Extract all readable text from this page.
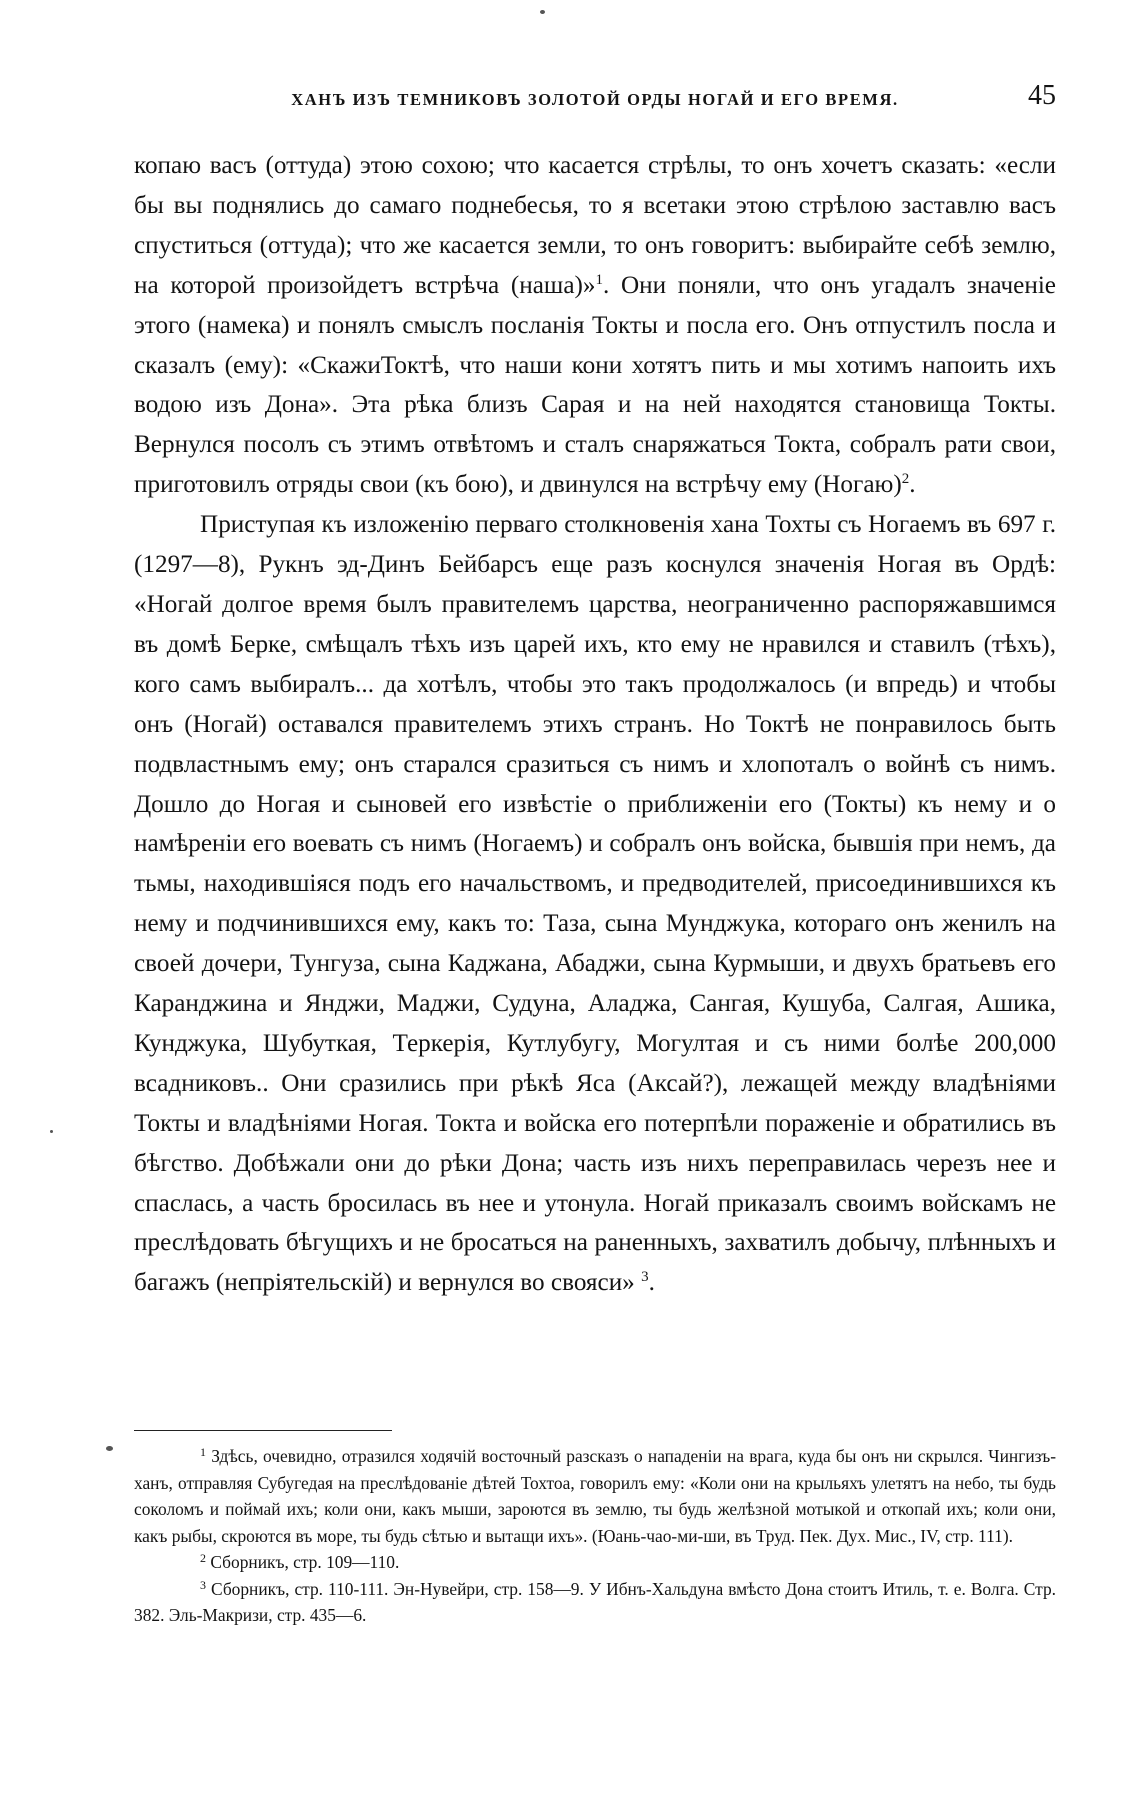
ХАНЪ ИЗЪ ТЕМНИКОВЪ ЗОЛОТОЙ ОРДЫ НОГАЙ И ЕГО ВРЕМЯ.	45

копаю васъ (оттуда) этою сохою; что касается стрѣлы, то онъ хочетъ сказать: «если бы вы поднялись до самаго поднебесья, то я всетаки этою стрѣлою заставлю васъ спуститься (оттуда); что же касается земли, то онъ говоритъ: выбирайте себѣ землю, на которой произойдетъ встрѣча (наша)»$^1$. Они поняли, что онъ угадалъ значеніе этого (намека) и понялъ смыслъ посланія Токты и посла его. Онъ отпустилъ посла и сказалъ (ему): «СкажиToктѣ, что наши кони хотятъ пить и мы хотимъ напоить ихъ водою изъ Дона». Эта рѣка близъ Сарая и на ней находятся становища Токты. Вернулся посолъ съ этимъ отвѣтомъ и сталъ снаряжаться Токта, собралъ рати свои, приготовилъ отряды свои (къ бою), и двинулся на встрѣчу ему (Ногаю)$^2$.

Приступая къ изложенію перваго столкновенія хана Тохты съ Ногаемъ въ 697 г. (1297—8), Рукнъ эд-Динъ Бейбарсъ еще разъ коснулся значенія Ногая въ Ордѣ: «Ногай долгое время былъ правителемъ царства, неограниченно распоряжавшимся въ домѣ Берке, смѣщалъ тѣхъ изъ царей ихъ, кто ему не нравился и ставилъ (тѣхъ), кого самъ выбиралъ... да хотѣлъ, чтобы это такъ продолжалось (и впредь) и чтобы онъ (Ногай) оставался правителемъ этихъ странъ. Но Toктѣ не понравилось быть подвластнымъ ему; онъ старался сразиться съ нимъ и хлопоталъ о войнѣ съ нимъ. Дошло до Ногая и сыновей его извѣстіе о приближеніи его (Токты) къ нему и о намѣреніи его воевать съ нимъ (Ногаемъ) и собралъ онъ войска, бывшія при немъ, да тьмы, находившіяся подъ его начальствомъ, и предводителей, присоединившихся къ нему и подчинившихся ему, какъ то: Таза, сына Мунджука, котораго онъ женилъ на своей дочери, Тунгуза, сына Каджана, Абаджи, сына Курмыши, и двухъ братьевъ его Каранджина и Янджи, Маджи, Судуна, Аладжа, Сангая, Кушуба, Салгая, Ашика, Кунджука, Шубуткая, Теркерія, Кутлубугу, Могултая и съ ними болѣе 200,000 всадниковъ.. Они сразились при рѣкѣ Яса (Аксай?), лежащей между владѣніями Токты и владѣніями Ногая. Токта и войска его потерпѣли пораженіе и обратились въ бѣгство. Добѣжали они до рѣки Дона; часть изъ нихъ переправилась черезъ нее и спаслась, а часть бросилась въ нее и утонула. Ногай приказалъ своимъ войскамъ не преслѣдовать бѣгущихъ и не бросаться на раненныхъ, захватилъ добычу, плѣнныхъ и багажъ (непріятельскій) и вернулся во свояси» $^3$.

$^1$ Здѣсь, очевидно, отразился ходячій восточный разсказъ о нападеніи на врага, куда бы онъ ни скрылся. Чингизъ-ханъ, отправляя Субугедая на преслѣдованіе дѣтей Тохтоа, говорилъ ему: «Коли они на крыльяхъ улетятъ на небо, ты будь соколомъ и поймай ихъ; коли они, какъ мыши, зароются въ землю, ты будь желѣзной мотыкой и откопай ихъ; коли они, какъ рыбы, скроются въ море, ты будь сѣтью и вытащи ихъ». (Юань-чао-ми-ши, въ Труд. Пек. Дух. Мис., IV, стр. 111).

$^2$ Сборникъ, стр. 109—110.

$^3$ Сборникъ, стр. 110-111. Эн-Нувейри, стр. 158—9. У Ибнъ-Хальдуна вмѣсто Дона стоитъ Итиль, т. е. Волга. Стр. 382. Эль-Макризи, стр. 435—6.
